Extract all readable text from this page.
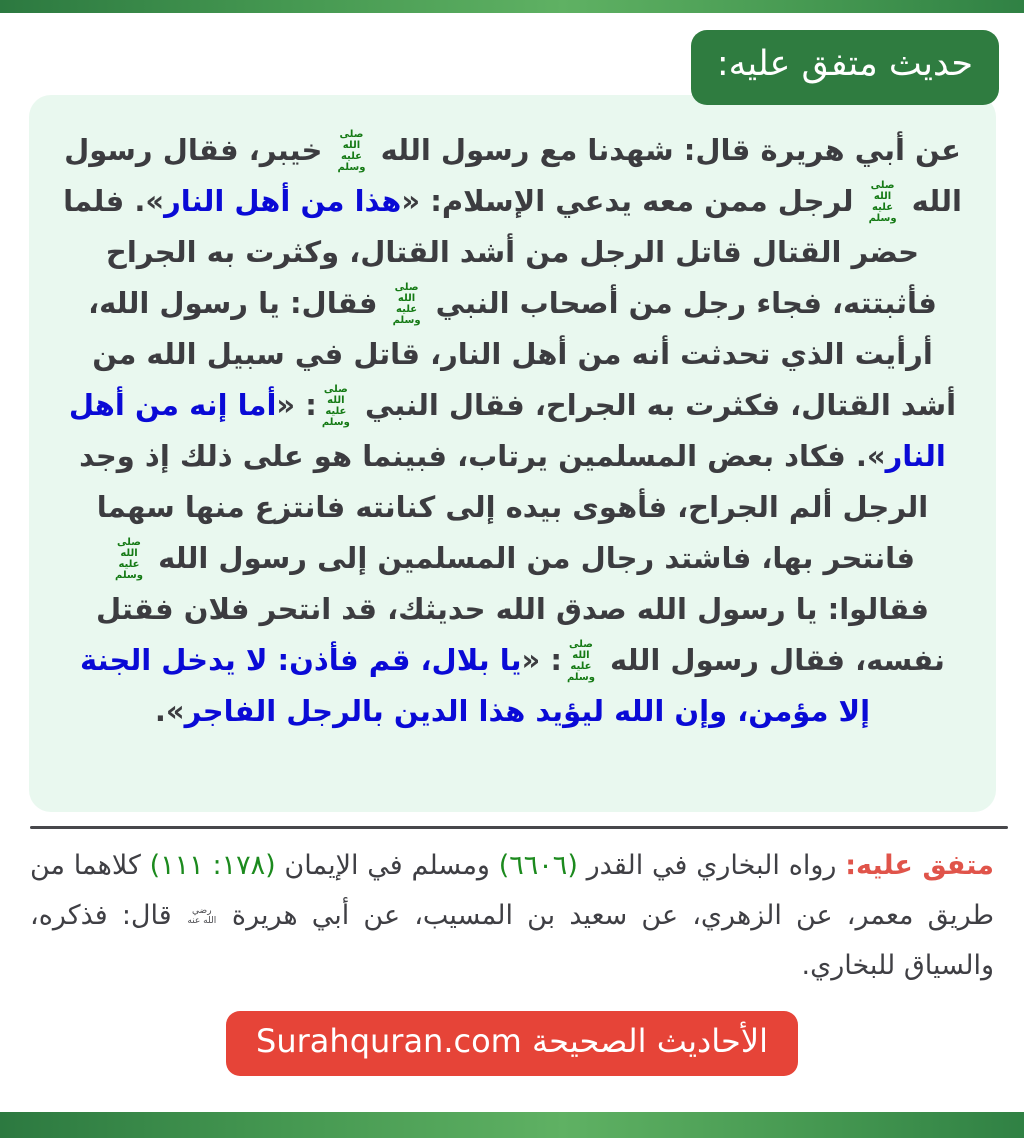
حديث متفق عليه:

عن أبي هريرة قال: شهدنا مع رسول الله صلى الله عليه وسلم خيبر، فقال رسول الله صلى الله عليه وسلم لرجل ممن معه يدعي الإسلام: «هذا من أهل النار». فلما حضر القتال قاتل الرجل من أشد القتال، وكثرت به الجراح فأثبتته، فجاء رجل من أصحاب النبي صلى الله عليه وسلم فقال: يا رسول الله، أرأيت الذي تحدثت أنه من أهل النار، قاتل في سبيل الله من أشد القتال، فكثرت به الجراح، فقال النبي صلى الله عليه وسلم: «أما إنه من أهل النار». فكاد بعض المسلمين يرتاب، فبينما هو على ذلك إذ وجد الرجل ألم الجراح، فأهوى بيده إلى كنانته فانتزع منها سهما فانتحر بها، فاشتد رجال من المسلمين إلى رسول الله صلى الله عليه وسلم فقالوا: يا رسول الله صدق الله حديثك، قد انتحر فلان فقتل نفسه، فقال رسول الله صلى الله عليه وسلم: «يا بلال، قم فأذن: لا يدخل الجنة إلا مؤمن، وإن الله ليؤيد هذا الدين بالرجل الفاجر».

متفق عليه: رواه البخاري في القدر (٦٦٠٦) ومسلم في الإيمان (١٧٨: ١١١) كلاهما من طريق معمر، عن الزهري، عن سعيد بن المسيب، عن أبي هريرة رضي الله عنه قال: فذكره، والسياق للبخاري.

الأحاديث الصحيحة Surahquran.com
